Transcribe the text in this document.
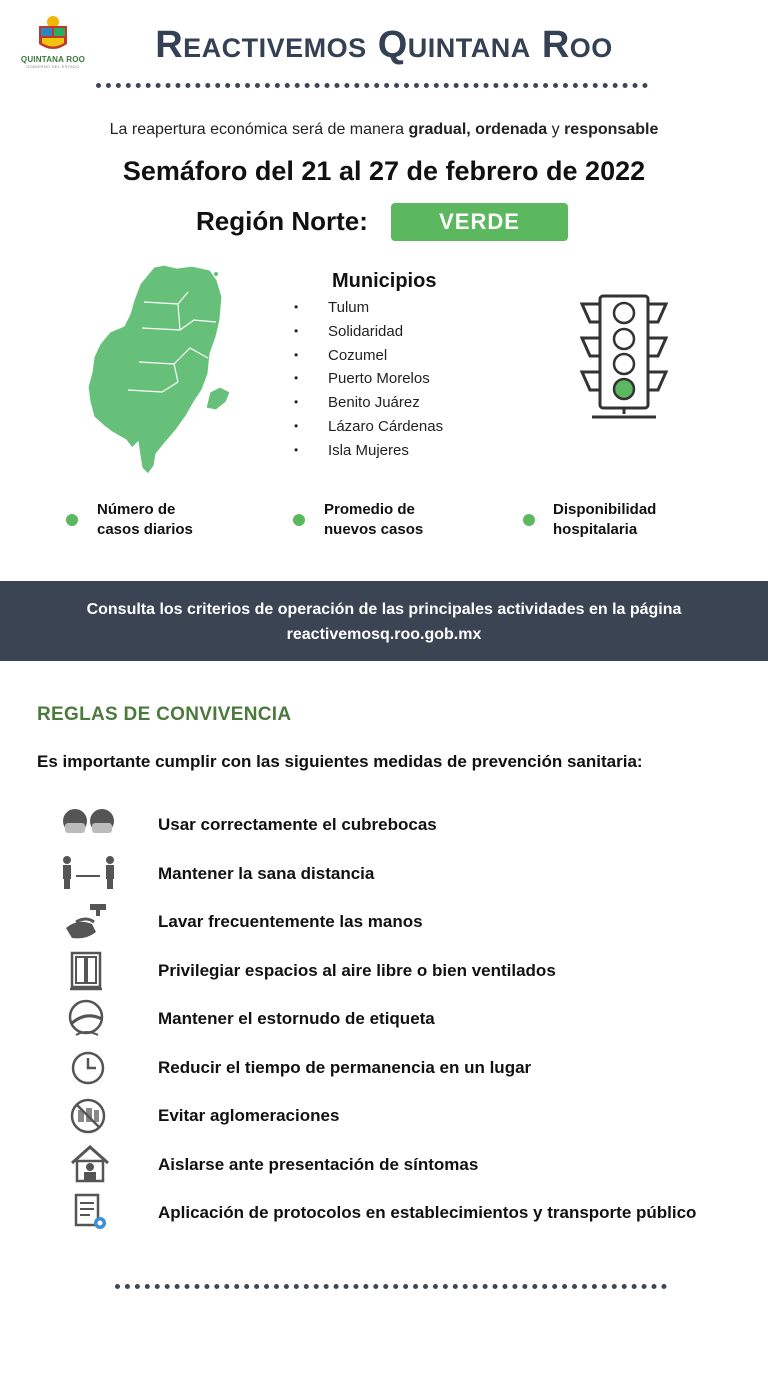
QUINTANA ROO
GOBIERNO DEL ESTADO
Reactivemos Quintana Roo
La reapertura económica será de manera gradual, ordenada y responsable
Semáforo del 21 al 27 de febrero de 2022
Región Norte:	VERDE
Municipios
• Tulum
• Solidaridad
• Cozumel
• Puerto Morelos
• Benito Juárez
• Lázaro Cárdenas
• Isla Mujeres
Número de
casos diarios
Promedio de
nuevos casos
Disponibilidad
hospitalaria
Consulta los criterios de operación de las principales actividades en la página
reactivemosq.roo.gob.mx
REGLAS DE CONVIVENCIA
Es importante cumplir con las siguientes medidas de prevención sanitaria:
Usar correctamente el cubrebocas
Mantener la sana distancia
Lavar frecuentemente las manos
Privilegiar espacios al aire libre o bien ventilados
Mantener el estornudo de etiqueta
Reducir el tiempo de permanencia en un lugar
Evitar aglomeraciones
Aislarse ante presentación de síntomas
Aplicación de protocolos en establecimientos y transporte público
